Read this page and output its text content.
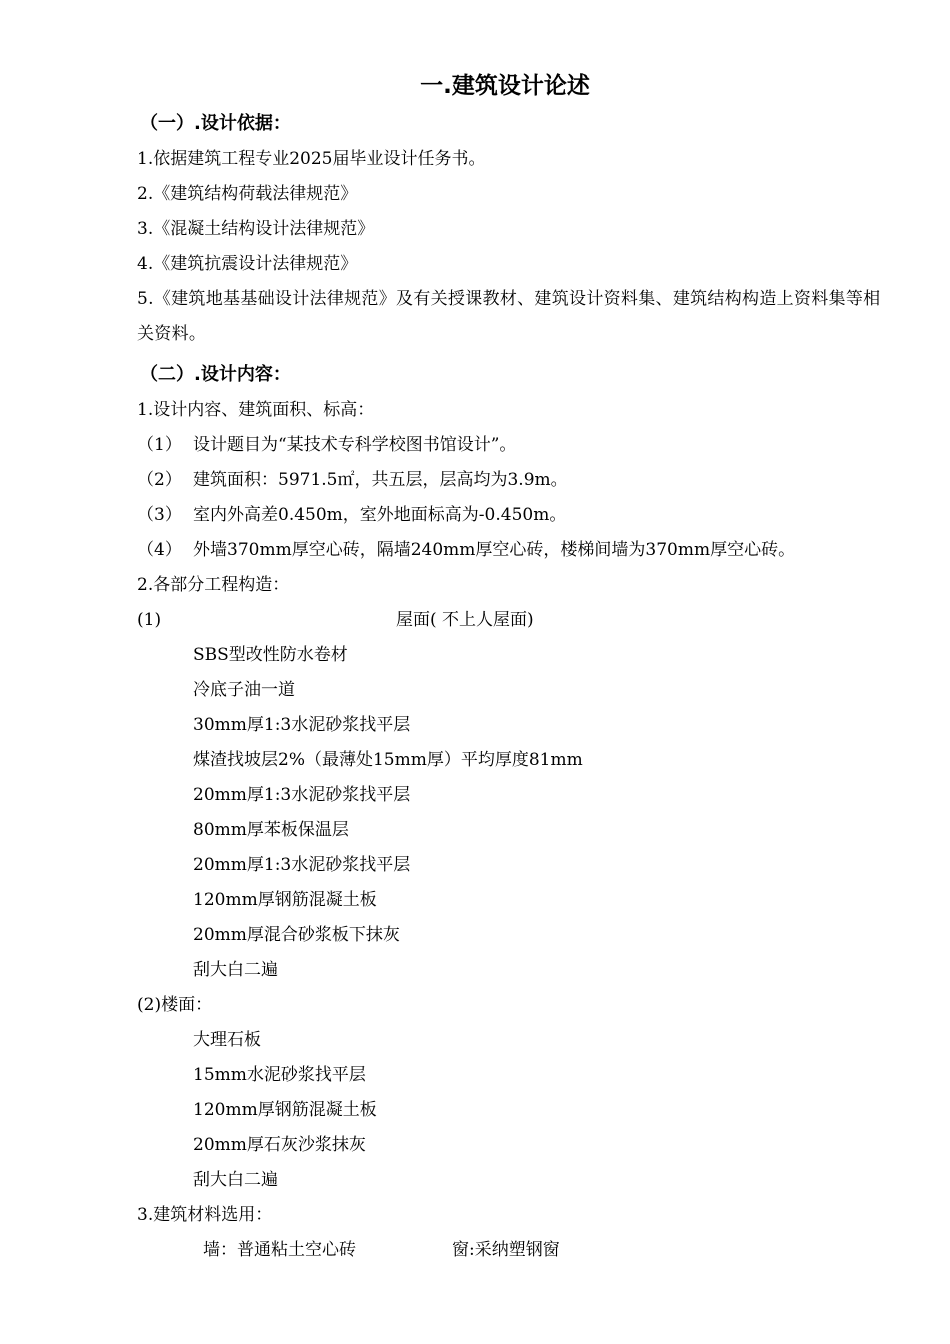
一.建筑设计论述
（一）.设计依据：
1.依据建筑工程专业2025届毕业设计任务书。
2.《建筑结构荷载法律规范》
3.《混凝土结构设计法律规范》
4.《建筑抗震设计法律规范》
5.《建筑地基基础设计法律规范》及有关授课教材、建筑设计资料集、建筑结构构造上资料集等相关资料。
（二）.设计内容：
1.设计内容、建筑面积、标高：
（1） 设计题目为“某技术专科学校图书馆设计”。
（2） 建筑面积：5971.5㎡，共五层，层高均为3.9m。
（3） 室内外高差0.450m，室外地面标高为-0.450m。
（4） 外墙370mm厚空心砖，隔墙240mm厚空心砖，楼梯间墙为370mm厚空心砖。
2.各部分工程构造：
(1)	屋面( 不上人屋面)
SBS型改性防水卷材
冷底子油一道
30mm厚1:3水泥砂浆找平层
煤渣找坡层2%（最薄处15mm厚）平均厚度81mm
20mm厚1:3水泥砂浆找平层
80mm厚苯板保温层
20mm厚1:3水泥砂浆找平层
120mm厚钢筋混凝土板
20mm厚混合砂浆板下抹灰
刮大白二遍
(2)楼面：
大理石板
15mm水泥砂浆找平层
120mm厚钢筋混凝土板
20mm厚石灰沙浆抹灰
刮大白二遍
3.建筑材料选用：
墙：普通粘土空心砖	窗:采纳塑钢窗
